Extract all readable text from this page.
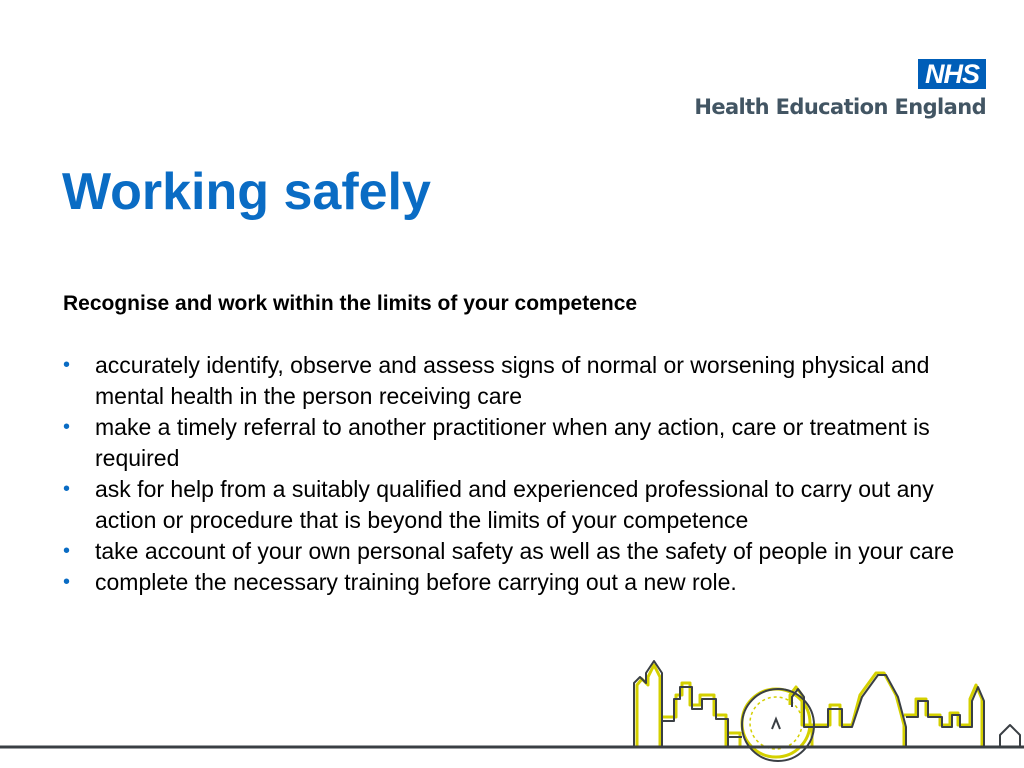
NHS
Health Education England
Working safely
Recognise and work within the limits of your competence
• accurately identify, observe and assess signs of normal or worsening physical and mental health in the person receiving care
• make a timely referral to another practitioner when any action, care or treatment is required
• ask for help from a suitably qualified and experienced professional to carry out any action or procedure that is beyond the limits of your competence
• take account of your own personal safety as well as the safety of people in your care
• complete the necessary training before carrying out a new role.
